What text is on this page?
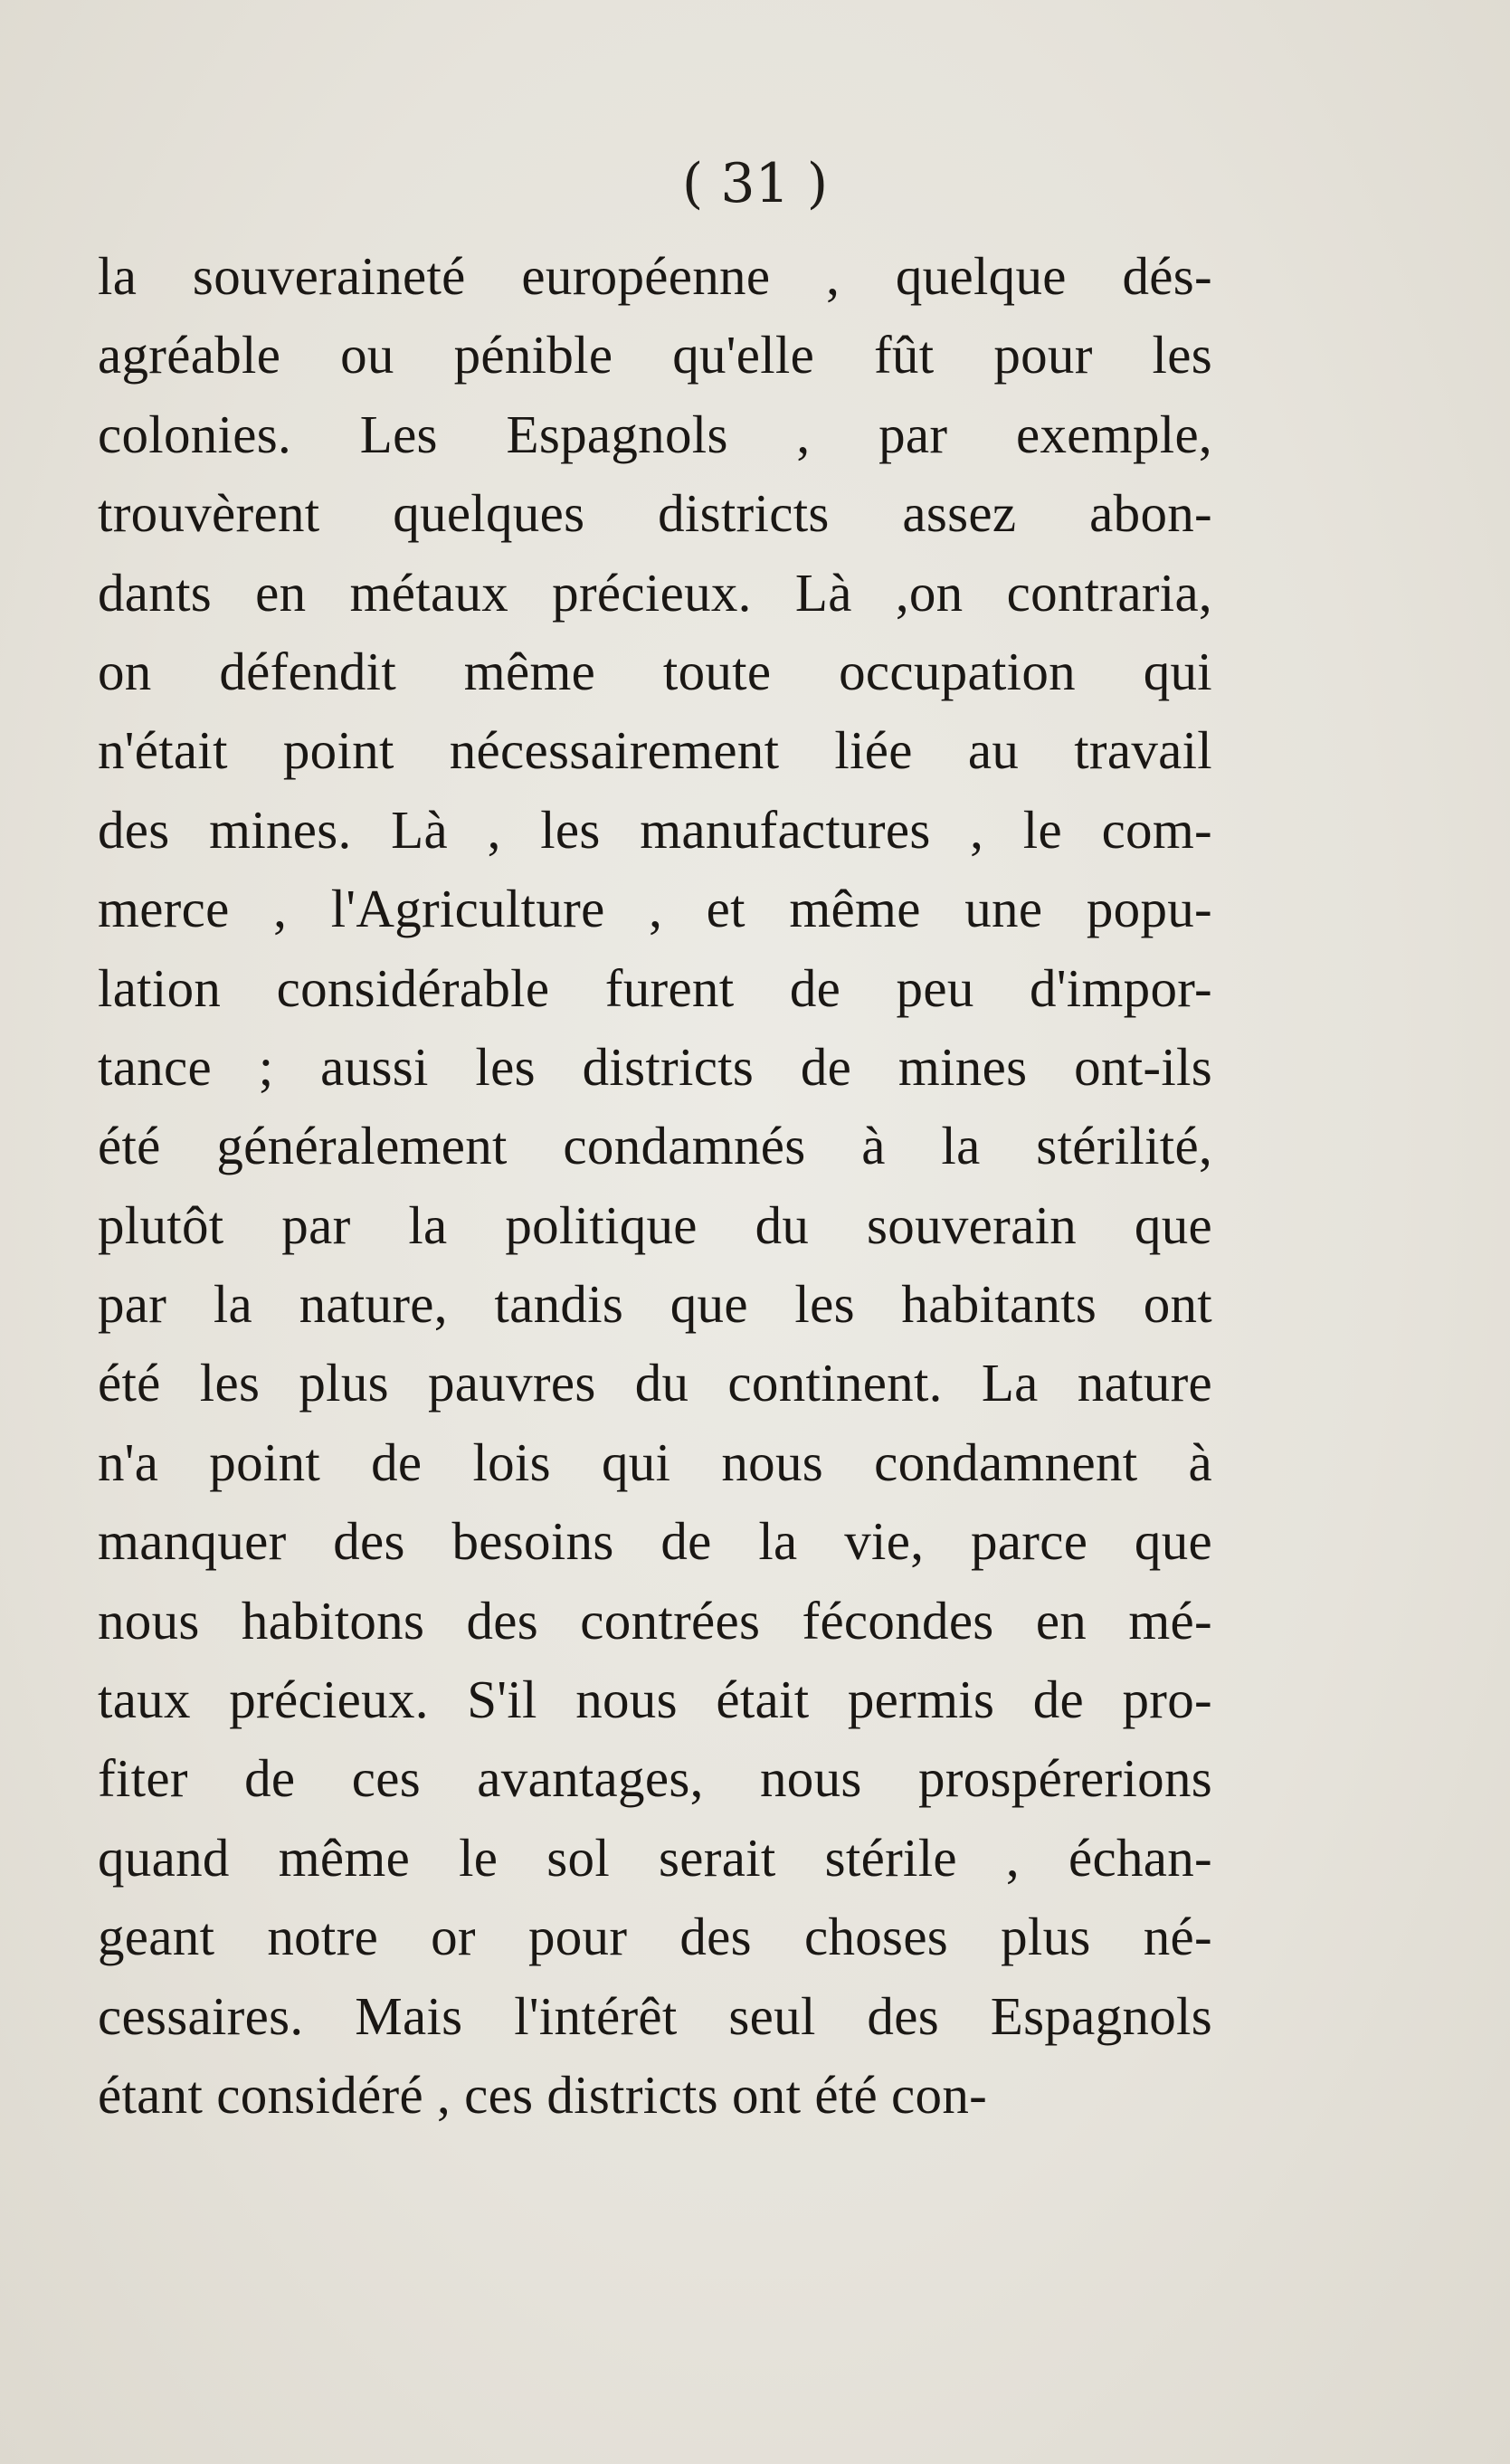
( 31 )
la souveraineté européenne , quelque dés-
agréable ou pénible qu'elle fût pour les
colonies. Les Espagnols , par exemple,
trouvèrent quelques districts assez abon-
dants en métaux précieux. Là ,on contraria,
on défendit même toute occupation qui
n'était point nécessairement liée au travail
des mines. Là , les manufactures , le com-
merce , l'Agriculture , et même une popu-
lation considérable furent de peu d'impor-
tance ; aussi les districts de mines ont-ils
été généralement condamnés à la stérilité,
plutôt par la politique du souverain que
par la nature, tandis que les habitants ont
été les plus pauvres du continent. La nature
n'a point de lois qui nous condamnent à
manquer des besoins de la vie, parce que
nous habitons des contrées fécondes en mé-
taux précieux. S'il nous était permis de pro-
fiter de ces avantages, nous prospérerions
quand même le sol serait stérile , échan-
geant notre or pour des choses plus né-
cessaires. Mais l'intérêt seul des Espagnols
étant considéré , ces districts ont été con-
